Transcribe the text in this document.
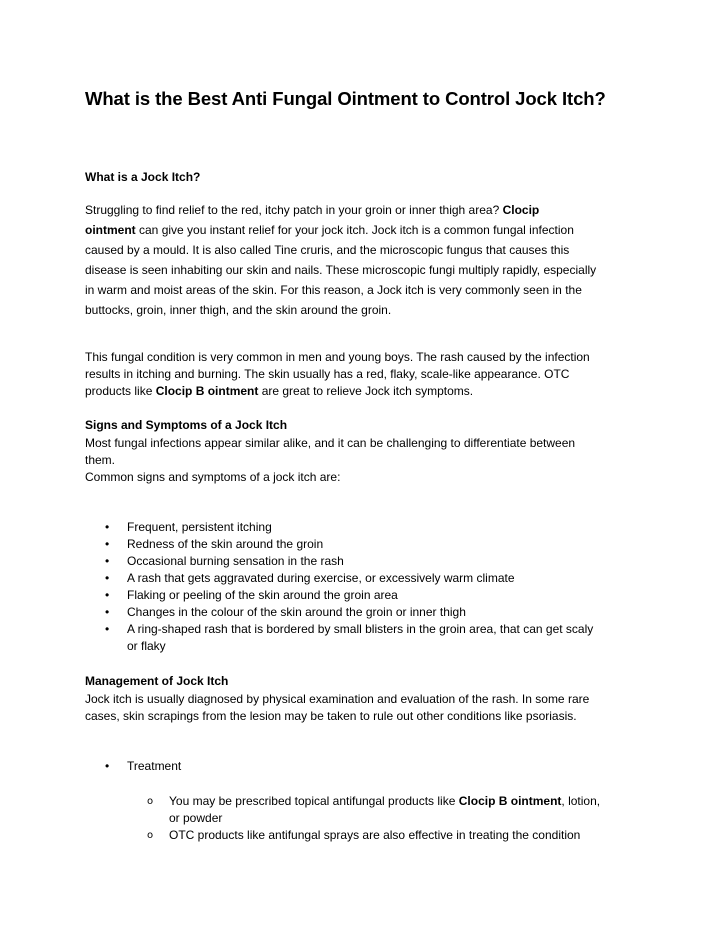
What is the Best Anti Fungal Ointment to Control Jock Itch?

What is a Jock Itch?

Struggling to find relief to the red, itchy patch in your groin or inner thigh area? Clocip
ointment can give you instant relief for your jock itch. Jock itch is a common fungal infection
caused by a mould. It is also called Tine cruris, and the microscopic fungus that causes this
disease is seen inhabiting our skin and nails. These microscopic fungi multiply rapidly, especially
in warm and moist areas of the skin. For this reason, a Jock itch is very commonly seen in the
buttocks, groin, inner thigh, and the skin around the groin.
This fungal condition is very common in men and young boys. The rash caused by the infection
results in itching and burning. The skin usually has a red, flaky, scale-like appearance. OTC
products like Clocip B ointment are great to relieve Jock itch symptoms.

Signs and Symptoms of a Jock Itch

Most fungal infections appear similar alike, and it can be challenging to differentiate between
them.
Common signs and symptoms of a jock itch are:
• Frequent, persistent itching
• Redness of the skin around the groin
• Occasional burning sensation in the rash
• A rash that gets aggravated during exercise, or excessively warm climate
• Flaking or peeling of the skin around the groin area
• Changes in the colour of the skin around the groin or inner thigh
• A ring-shaped rash that is bordered by small blisters in the groin area, that can get scaly
or flaky

Management of Jock Itch

Jock itch is usually diagnosed by physical examination and evaluation of the rash. In some rare
cases, skin scrapings from the lesion may be taken to rule out other conditions like psoriasis.
• Treatment
o You may be prescribed topical antifungal products like Clocip B ointment, lotion,
or powder
o OTC products like antifungal sprays are also effective in treating the condition
